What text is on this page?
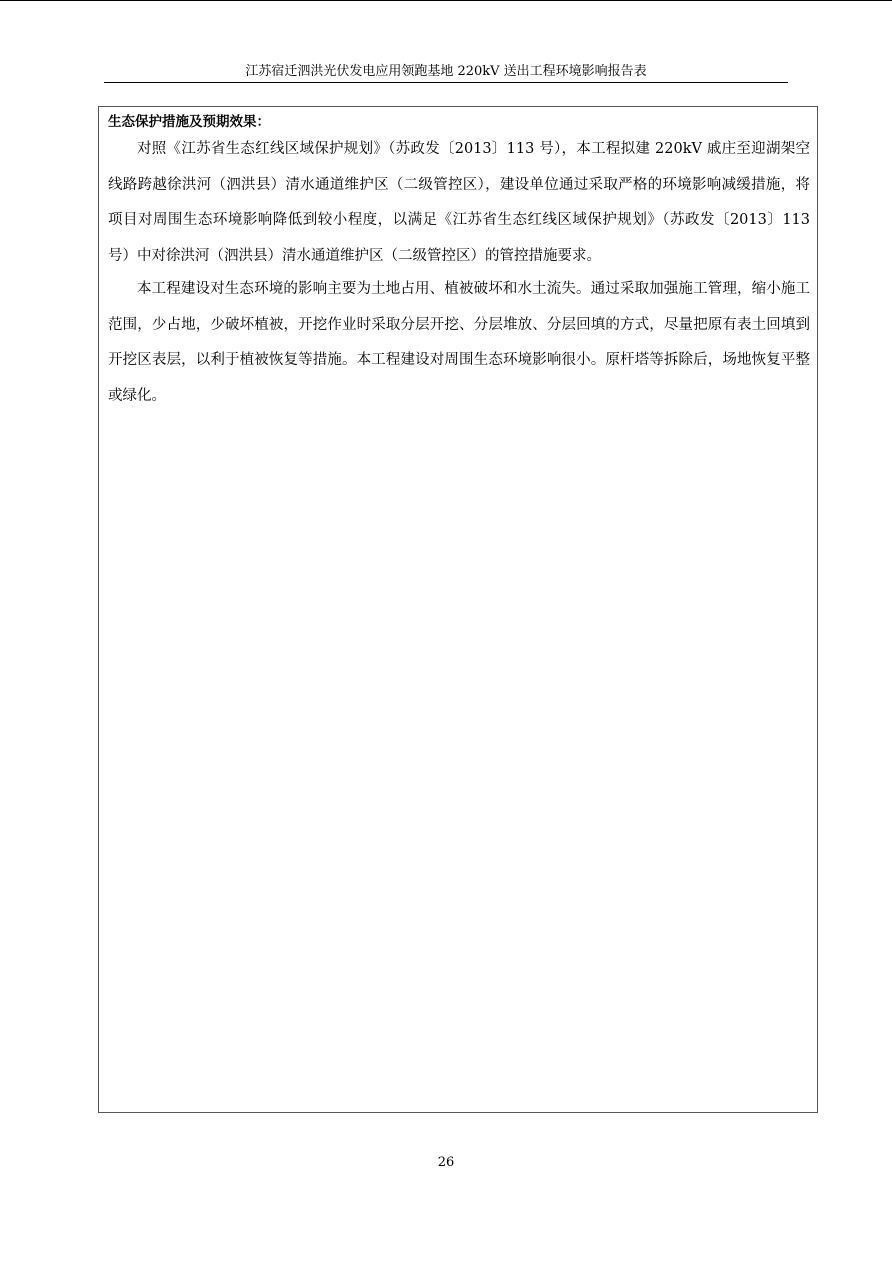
江苏宿迁泗洪光伏发电应用领跑基地 220kV 送出工程环境影响报告表
生态保护措施及预期效果：

对照《江苏省生态红线区域保护规划》（苏政发〔2013〕113 号），本工程拟建 220kV 戚庄至迎湖架空线路跨越徐洪河（泗洪县）清水通道维护区（二级管控区），建设单位通过采取严格的环境影响减缓措施，将项目对周围生态环境影响降低到较小程度，以满足《江苏省生态红线区域保护规划》（苏政发〔2013〕113 号）中对徐洪河（泗洪县）清水通道维护区（二级管控区）的管控措施要求。

本工程建设对生态环境的影响主要为土地占用、植被破坏和水土流失。通过采取加强施工管理，缩小施工范围，少占地，少破坏植被，开挖作业时采取分层开挖、分层堆放、分层回填的方式，尽量把原有表土回填到开挖区表层，以利于植被恢复等措施。本工程建设对周围生态环境影响很小。原杆塔等拆除后，场地恢复平整或绿化。

26
